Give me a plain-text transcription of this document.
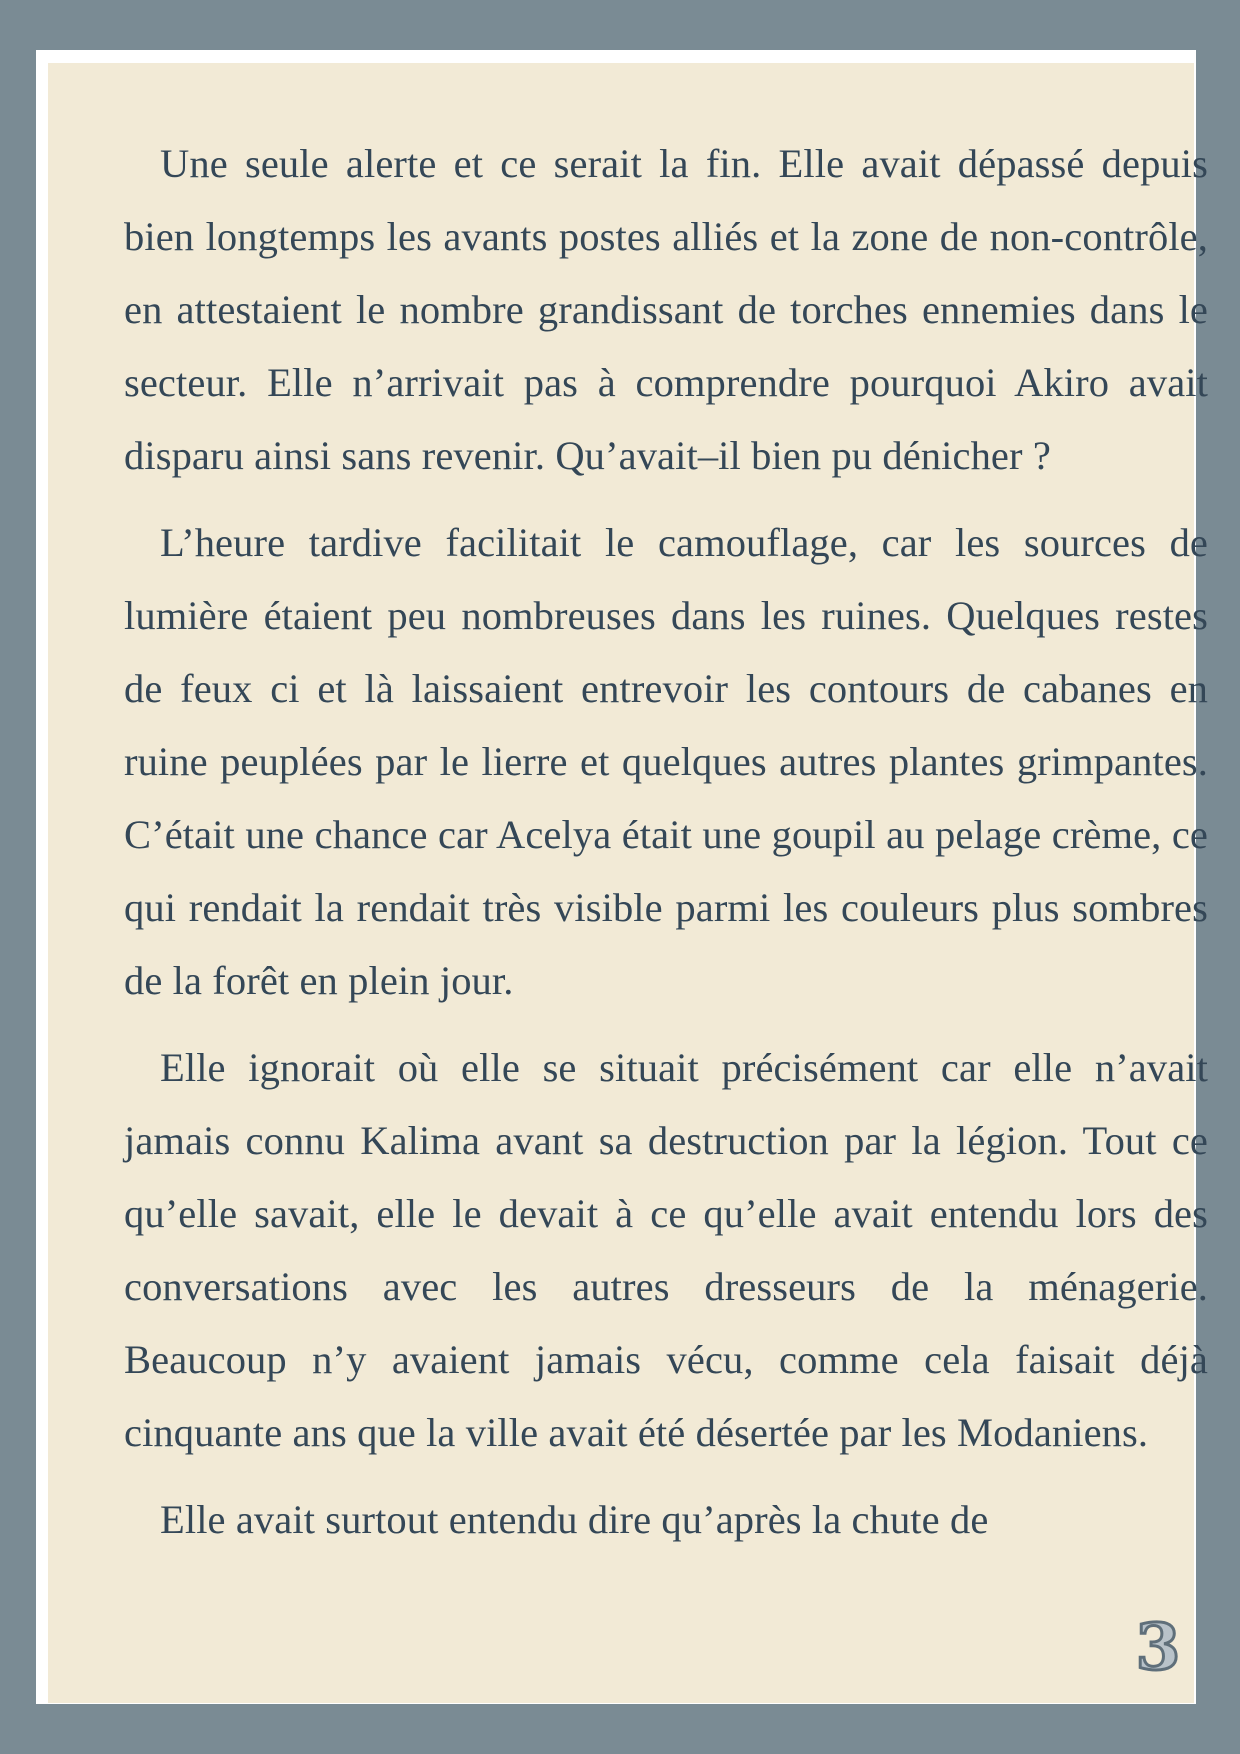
Une seule alerte et ce serait la fin. Elle avait dépassé depuis bien longtemps les avants postes alliés et la zone de non-contrôle, en attestaient le nombre grandissant de torches ennemies dans le secteur. Elle n’arrivait pas à comprendre pourquoi Akiro avait disparu ainsi sans revenir. Qu’avait–il bien pu dénicher ?

L’heure tardive facilitait le camouflage, car les sources de lumière étaient peu nombreuses dans les ruines. Quelques restes de feux ci et là laissaient entrevoir les contours de cabanes en ruine peuplées par le lierre et quelques autres plantes grimpantes. C’était une chance car Acelya était une goupil au pelage crème, ce qui rendait la rendait très visible parmi les couleurs plus sombres de la forêt en plein jour.

Elle ignorait où elle se situait précisément car elle n’avait jamais connu Kalima avant sa destruction par la légion. Tout ce qu’elle savait, elle le devait à ce qu’elle avait entendu lors des conversations avec les autres dresseurs de la ménagerie. Beaucoup n’y avaient jamais vécu, comme cela faisait déjà cinquante ans que la ville avait été désertée par les Modaniens.

Elle avait surtout entendu dire qu’après la chute de

3
